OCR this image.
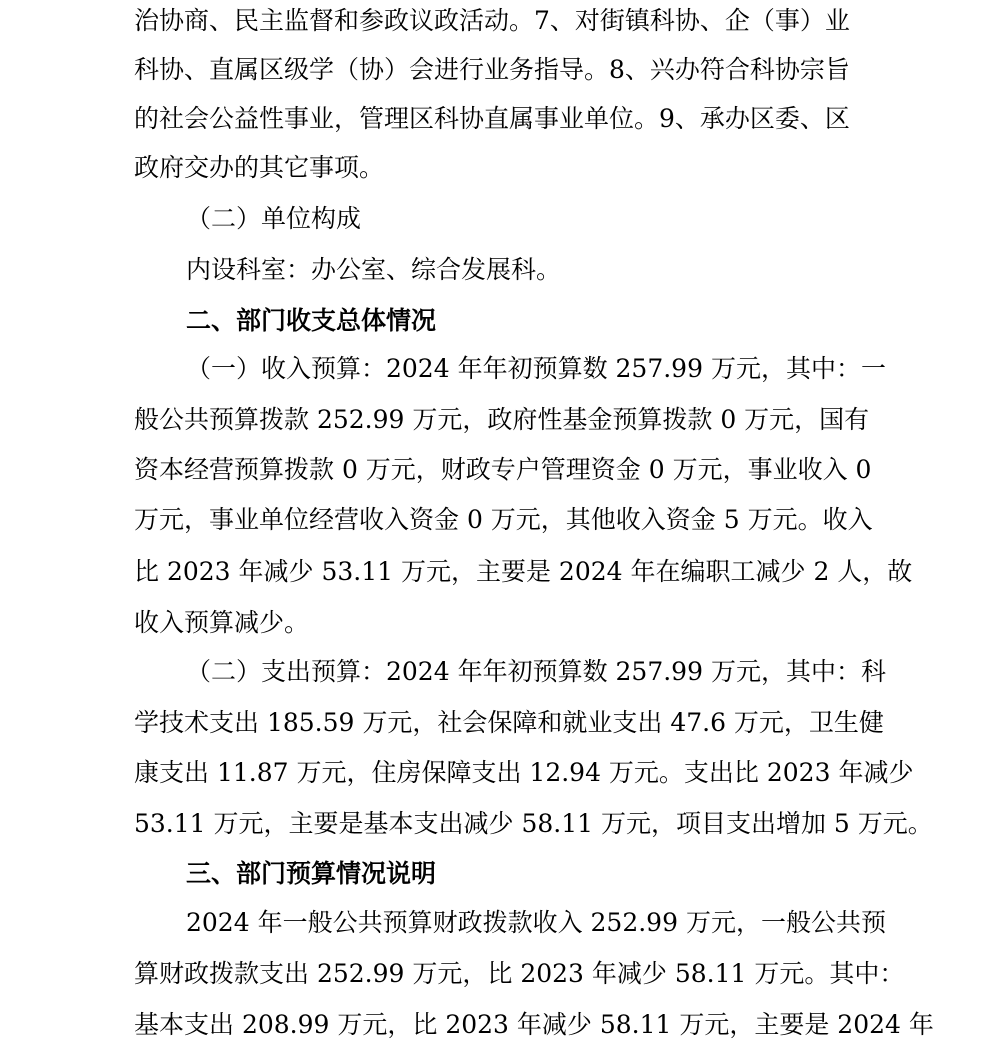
治协商、民主监督和参政议政活动。7、对街镇科协、企（事）业
科协、直属区级学（协）会进行业务指导。8、兴办符合科协宗旨
的社会公益性事业，管理区科协直属事业单位。9、承办区委、区
政府交办的其它事项。
（二）单位构成
内设科室：办公室、综合发展科。
二、部门收支总体情况
（一）收入预算：2024 年年初预算数 257.99 万元，其中：一
般公共预算拨款 252.99 万元，政府性基金预算拨款 0 万元，国有
资本经营预算拨款 0 万元，财政专户管理资金 0 万元，事业收入 0
万元，事业单位经营收入资金 0 万元，其他收入资金 5 万元。收入
比 2023 年减少 53.11 万元，主要是 2024 年在编职工减少 2 人，故
收入预算减少。
（二）支出预算：2024 年年初预算数 257.99 万元，其中：科
学技术支出 185.59 万元，社会保障和就业支出 47.6 万元，卫生健
康支出 11.87 万元，住房保障支出 12.94 万元。支出比 2023 年减少
53.11 万元，主要是基本支出减少 58.11 万元，项目支出增加 5 万元。
三、部门预算情况说明
2024 年一般公共预算财政拨款收入 252.99 万元，一般公共预
算财政拨款支出 252.99 万元，比 2023 年减少 58.11 万元。其中：
基本支出 208.99 万元，比 2023 年减少 58.11 万元，主要是 2024 年
